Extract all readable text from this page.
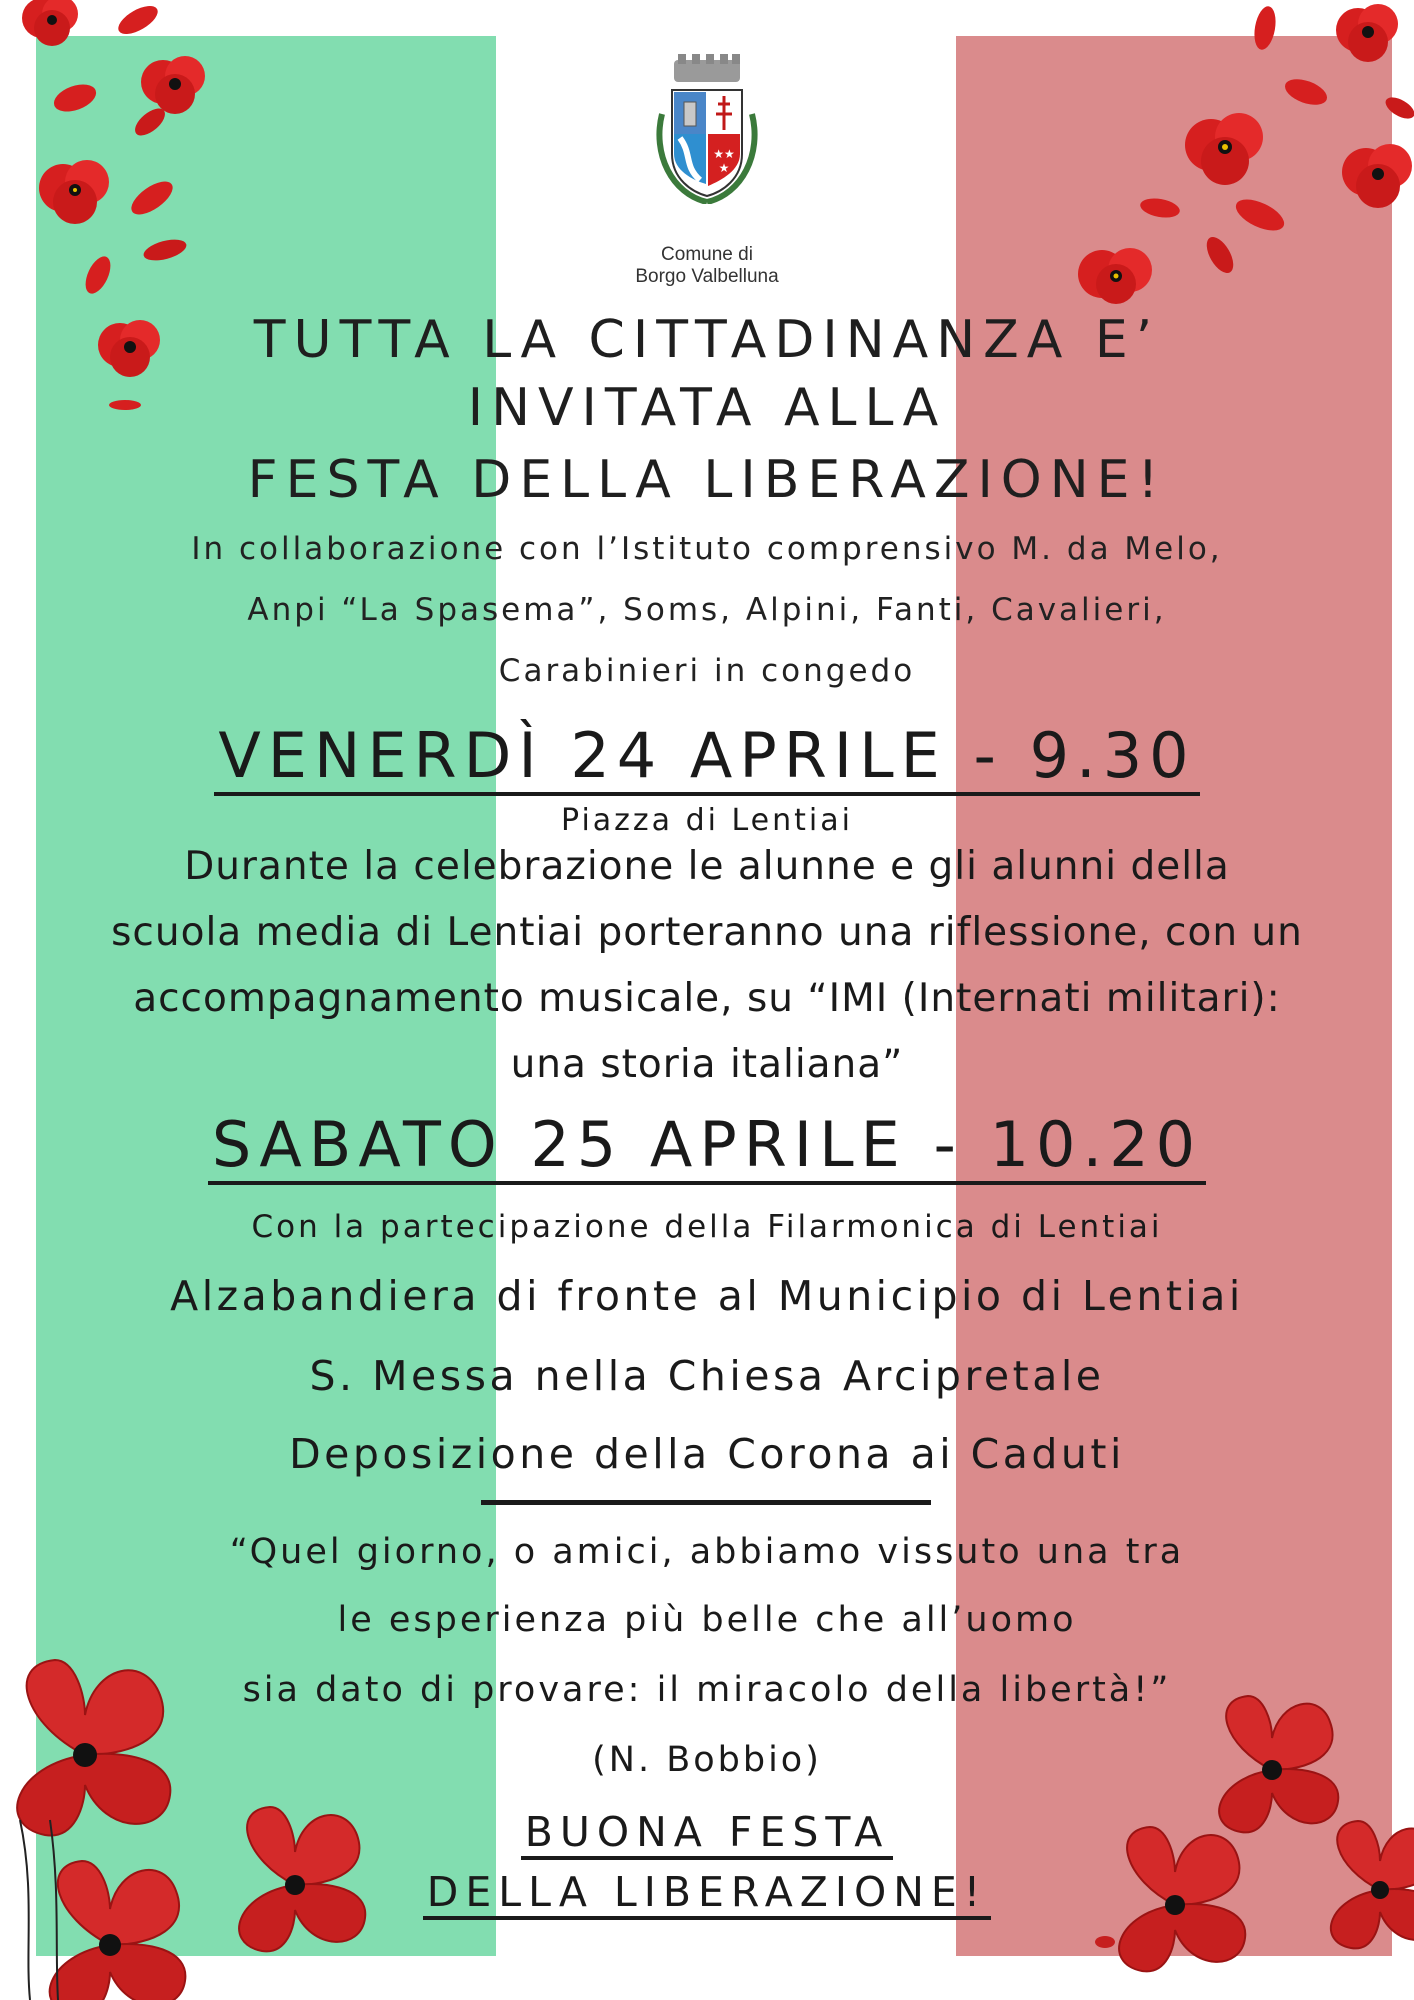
★★
★
Comune di
Borgo Valbelluna
TUTTA LA CITTADINANZA E’
INVITATA ALLA
FESTA DELLA LIBERAZIONE!
In collaborazione con l’Istituto comprensivo M. da Melo,
Anpi “La Spasema”, Soms, Alpini, Fanti, Cavalieri,
Carabinieri in congedo
VENERDÌ 24 APRILE - 9.30
Piazza di Lentiai
Durante la celebrazione le alunne e gli alunni della
scuola media di Lentiai porteranno una riflessione, con un
accompagnamento musicale, su “IMI (Internati militari):
una storia italiana”
SABATO 25 APRILE - 10.20
Con la partecipazione della Filarmonica di Lentiai
Alzabandiera di fronte al Municipio di Lentiai
S. Messa nella Chiesa Arcipretale
Deposizione della Corona ai Caduti
“Quel giorno, o amici, abbiamo vissuto una tra
le esperienza più belle che all’uomo
sia dato di provare: il miracolo della libertà!”
(N. Bobbio)
BUONA FESTA
DELLA LIBERAZIONE!
